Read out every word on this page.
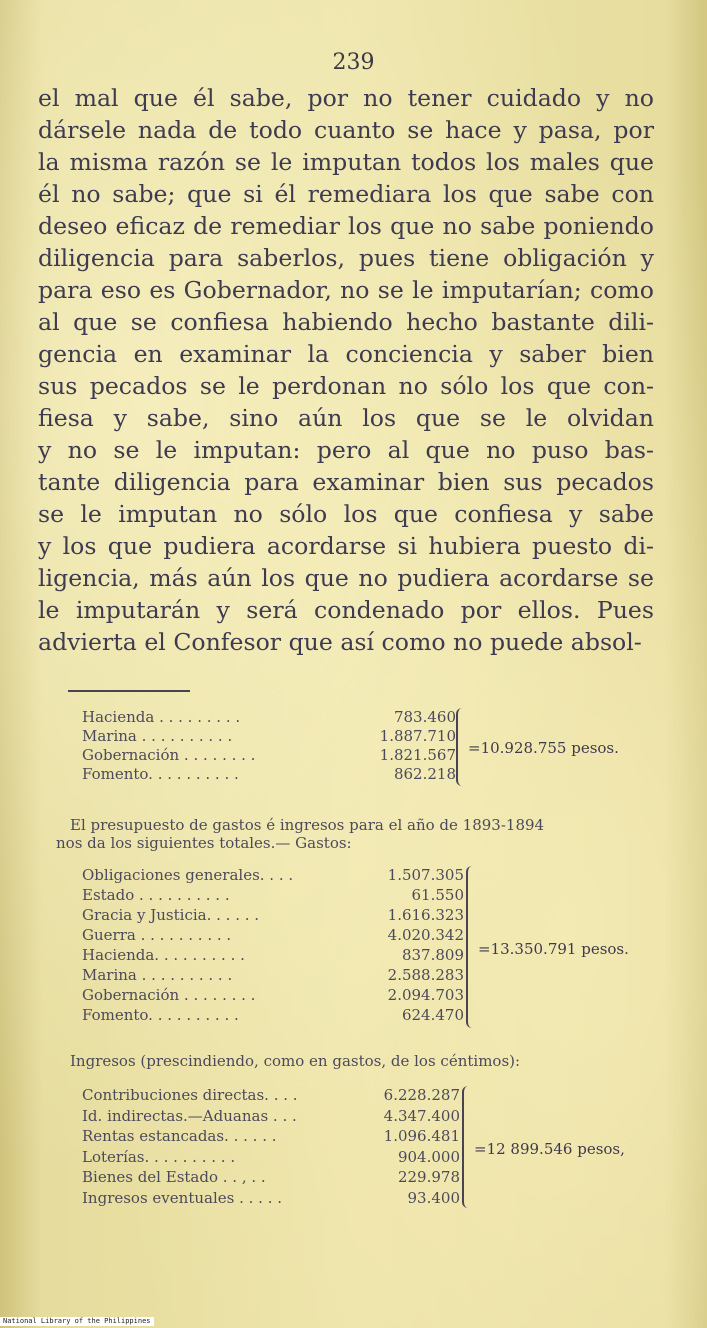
239
el mal que él sabe, por no tener cuidado y no
dársele nada de todo cuanto se hace y pasa, por
la misma razón se le imputan todos los males que
él no sabe; que si él remediara los que sabe con
deseo eficaz de remediar los que no sabe poniendo
diligencia para saberlos, pues tiene obligación y
para eso es Gobernador, no se le imputarían; como
al que se confiesa habiendo hecho bastante dili-
gencia en examinar la conciencia y saber bien
sus pecados se le perdonan no sólo los que con-
fiesa y sabe, sino aún los que se le olvidan
y no se le imputan: pero al que no puso bas-
tante diligencia para examinar bien sus pecados
se le imputan no sólo los que confiesa y sabe
y los que pudiera acordarse si hubiera puesto di-
ligencia, más aún los que no pudiera acordarse se
le imputarán y será condenado por ellos. Pues
advierta el Confesor que así como no puede absol-
Hacienda . . . . . . . . .	783.460
Marina . . . . . . . . . .	1.887.710
Gobernación . . . . . . . .	1.821.567
Fomento. . . . . . . . . .	862.218
=10.928.755 pesos.
El presupuesto de gastos é ingresos para el año de 1893-1894
nos da los siguientes totales.— Gastos:
Obligaciones generales. . . .	1.507.305
Estado . . . . . . . . . .	61.550
Gracia y Justicia. . . . . .	1.616.323
Guerra . . . . . . . . . .	4.020.342
Hacienda. . . . . . . . . .	837.809
Marina . . . . . . . . . .	2.588.283
Gobernación . . . . . . . .	2.094.703
Fomento. . . . . . . . . .	624.470
=13.350.791 pesos.
Ingresos (prescindiendo, como en gastos, de los céntimos):
Contribuciones directas. . . .	6.228.287
Id. indirectas.—Aduanas . . .	4.347.400
Rentas estancadas. . . . . .	1.096.481
Loterías. . . . . . . . . .	904.000
Bienes del Estado . . , . .	229.978
Ingresos eventuales . . . . .	93.400
=12 899.546 pesos,
National Library of the Philippines
